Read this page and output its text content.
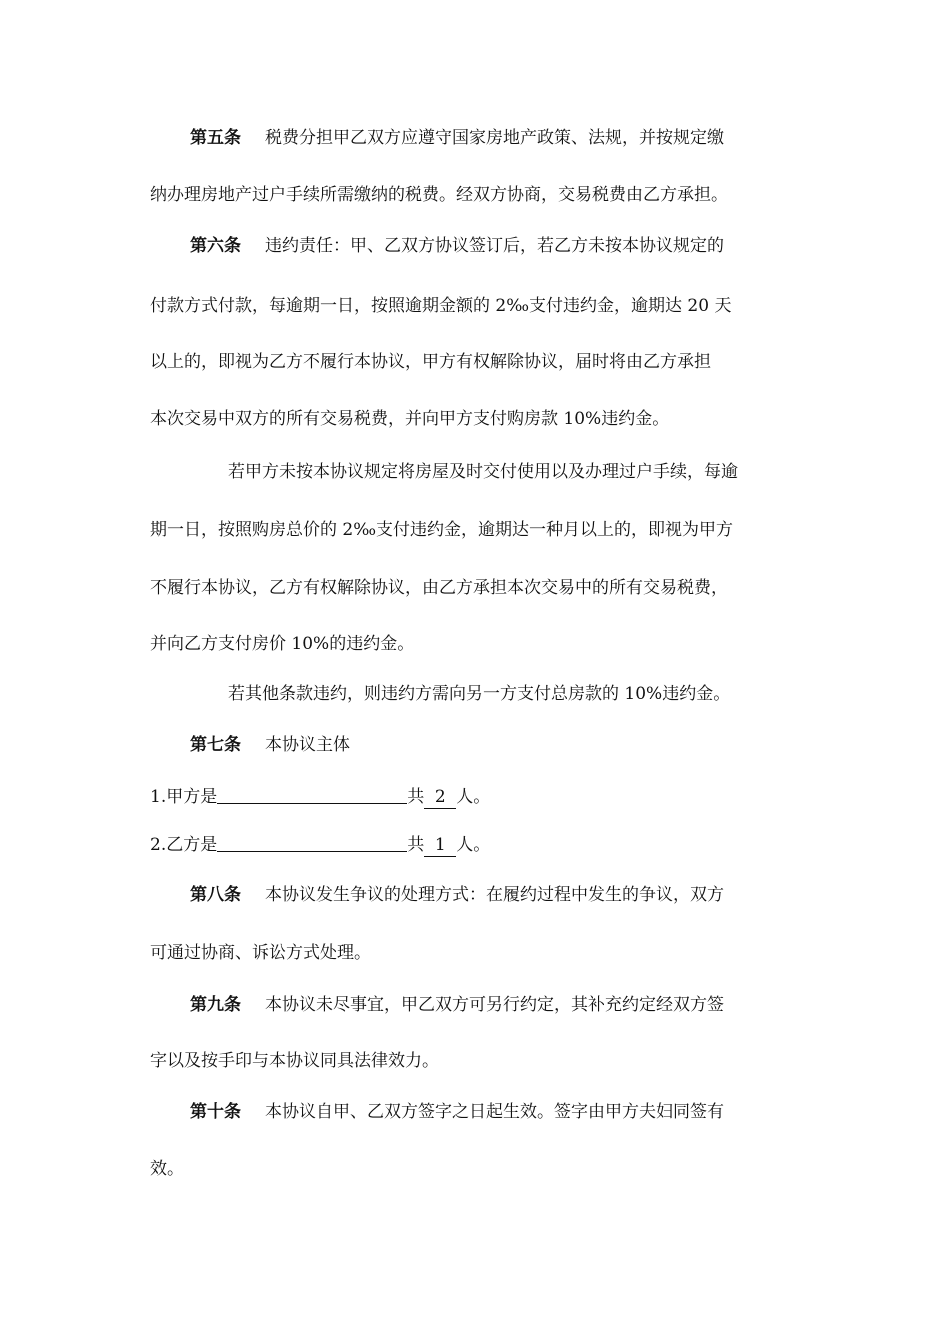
第五条 税费分担甲乙双方应遵守国家房地产政策、法规，并按规定缴
纳办理房地产过户手续所需缴纳的税费。经双方协商，交易税费由乙方承担。
第六条 违约责任：甲、乙双方协议签订后，若乙方未按本协议规定的
付款方式付款，每逾期一日，按照逾期金额的 2‰支付违约金，逾期达 20 天
以上的，即视为乙方不履行本协议，甲方有权解除协议，届时将由乙方承担
本次交易中双方的所有交易税费，并向甲方支付购房款 10%违约金。
若甲方未按本协议规定将房屋及时交付使用以及办理过户手续，每逾
期一日，按照购房总价的 2‰支付违约金，逾期达一种月以上的，即视为甲方
不履行本协议，乙方有权解除协议，由乙方承担本次交易中的所有交易税费，
并向乙方支付房价 10%的违约金。
若其他条款违约，则违约方需向另一方支付总房款的 10%违约金。
第七条 本协议主体
1.甲方是	共 2 人。
2.乙方是	共 1 人。
第八条 本协议发生争议的处理方式：在履约过程中发生的争议，双方
可通过协商、诉讼方式处理。
第九条 本协议未尽事宜，甲乙双方可另行约定，其补充约定经双方签
字以及按手印与本协议同具法律效力。
第十条 本协议自甲、乙双方签字之日起生效。签字由甲方夫妇同签有
效。
